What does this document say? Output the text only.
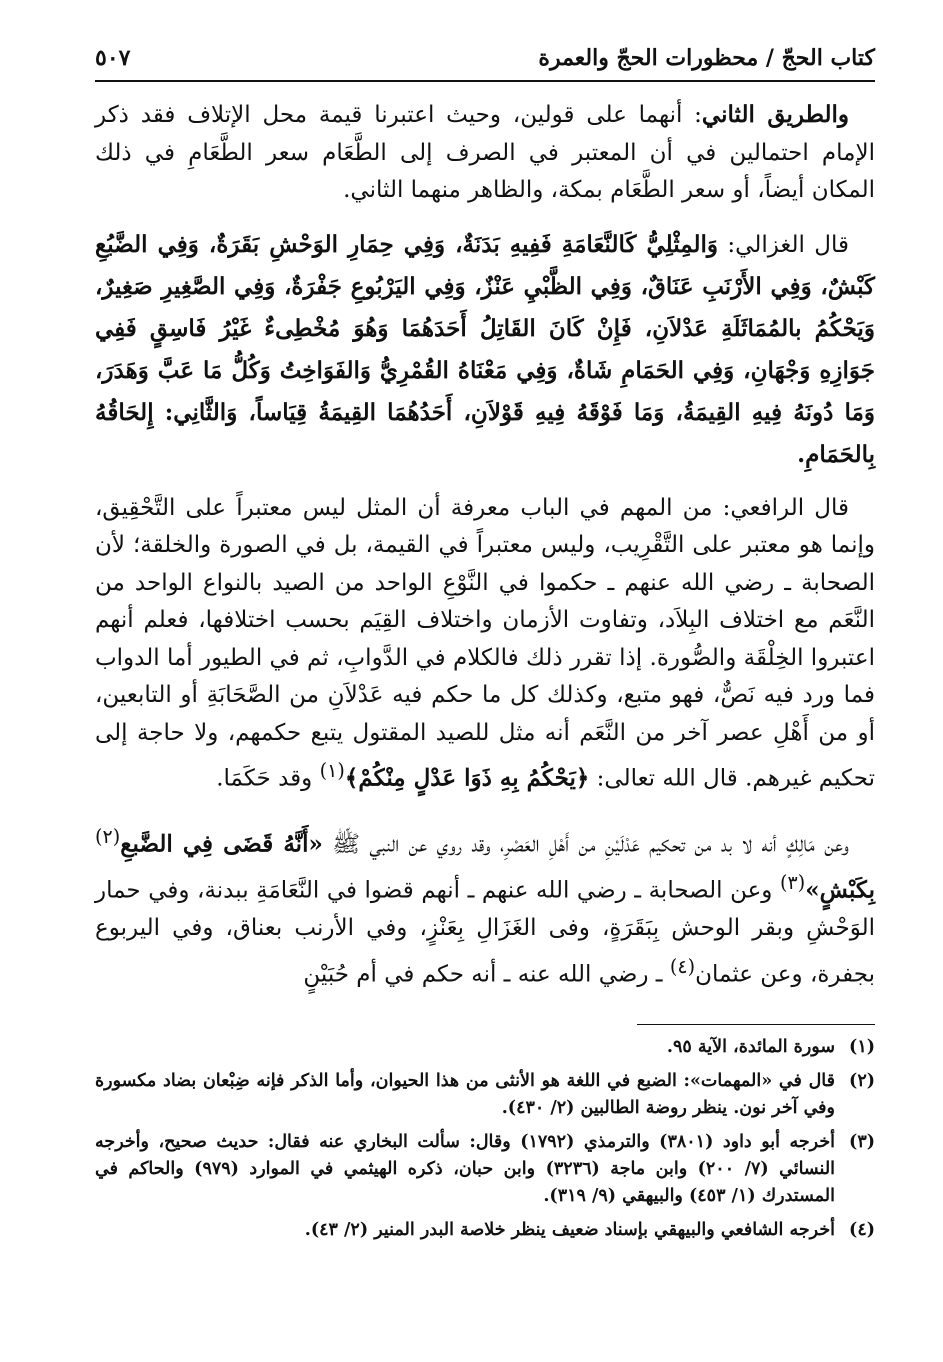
كتاب الحجّ / محظورات الحجّ والعمرة
٥٠٧

والطريق الثاني: أنهما على قولين، وحيث اعتبرنا قيمة محل الإتلاف فقد ذكر الإمام احتمالين في أن المعتبر في الصرف إلى الطَّعَام سعر الطَّعَامِ في ذلك المكان أيضاً، أو سعر الطَّعَام بمكة، والظاهر منهما الثاني.

قال الغزالي: وَالمِثْلِيُّ كَالنَّعَامَةِ فَفِيهِ بَدَنَةٌ، وَفِي حِمَارِ الوَحْشِ بَقَرَةٌ، وَفِي الضَّبُعِ كَبْشٌ، وَفِي الأَرْنَبِ عَنَاقٌ، وَفِي الظَّبْيِ عَنْزٌ، وَفِي اليَرْبُوعِ جَفْرَةٌ، وَفِي الصَّغِيرِ صَغِيرٌ، وَيَحْكُمُ بالمُمَاثَلَةِ عَدْلاَنِ، فَإِنْ كَانَ القَاتِلُ أَحَدَهُمَا وَهُوَ مُخْطِىءٌ غَيْرُ فَاسِقٍ فَفِي جَوَازِهِ وَجْهَانِ، وَفِي الحَمَامِ شَاةٌ، وَفِي مَعْنَاهُ القُمْرِيُّ وَالفَوَاخِتُ وَكُلُّ مَا عَبَّ وَهَدَرَ، وَمَا دُونَهُ فِيهِ القِيمَةُ، وَمَا فَوْقَهُ فِيهِ قَوْلاَنِ، أَحَدُهُمَا القِيمَةُ قِيَاساً، وَالثَّانِي: إِلحَاقُهُ بِالحَمَامِ.

قال الرافعي: من المهم في الباب معرفة أن المثل ليس معتبراً على التَّحْقِيق، وإنما هو معتبر على التَّقْرِيب، وليس معتبراً في القيمة، بل في الصورة والخلقة؛ لأن الصحابة ـ رضي الله عنهم ـ حكموا في النَّوْعِ الواحد من الصيد بالنواع الواحد من النَّعَم مع اختلاف البِلاَد، وتفاوت الأزمان واختلاف القِيَم بحسب اختلافها، فعلم أنهم اعتبروا الخِلْقَة والصُّورة. إذا تقرر ذلك فالكلام في الدَّوابِ، ثم في الطيور أما الدواب فما ورد فيه نَصٌّ، فهو متبع، وكذلك كل ما حكم فيه عَدْلاَنِ من الصَّحَابَةِ أو التابعين، أو من أَهْلِ عصر آخر من النَّعَم أنه مثل للصيد المقتول يتبع حكمهم، ولا حاجة إلى تحكيم غيرهم. قال الله تعالى: ﴿يَحْكُمُ بِهِ ذَوَا عَدْلٍ مِنْكُمْ﴾$^{(١)}$ وقد حَكَمَا.

وعن مَالِكٍ أنه لا بد من تحكيم عَدْلَيْنِ من أَهْلِ العَصْرِ، وقد روي عن النبي ﷺ «أَنَّهُ قَضَى فِي الضَّبعِ$^{(٢)}$ بِكَبْشٍ»$^{(٣)}$ وعن الصحابة ـ رضي الله عنهم ـ أنهم قضوا في النَّعَامَةِ ببدنة، وفي حمار الوَحْشِ وبقر الوحش بِبَقَرَةٍ، وفى الغَزَالِ بِعَنْزٍ، وفي الأرنب بعناق، وفي اليربوع بجفرة، وعن عثمان$^{(٤)}$ ـ رضي الله عنه ـ أنه حكم في أم حُبَيْنٍ

(١)
سورة المائدة، الآية ٩٥.
(٢)
قال في «المهمات»: الضبع في اللغة هو الأنثى من هذا الحيوان، وأما الذكر فإنه ضِبْعان بضاد مكسورة وفي آخر نون. ينظر روضة الطالبين (٢/ ٤٣٠).
(٣)
أخرجه أبو داود (٣٨٠١) والترمذي (١٧٩٢) وقال: سألت البخاري عنه فقال: حديث صحيح، وأخرجه النسائي (٧/ ٢٠٠) وابن ماجة (٣٢٣٦) وابن حبان، ذكره الهيثمي في الموارد (٩٧٩) والحاكم في المستدرك (١/ ٤٥٣) والبيهقي (٩/ ٣١٩).
(٤)
أخرجه الشافعي والبيهقي بإسناد ضعيف ينظر خلاصة البدر المنير (٢/ ٤٣).
